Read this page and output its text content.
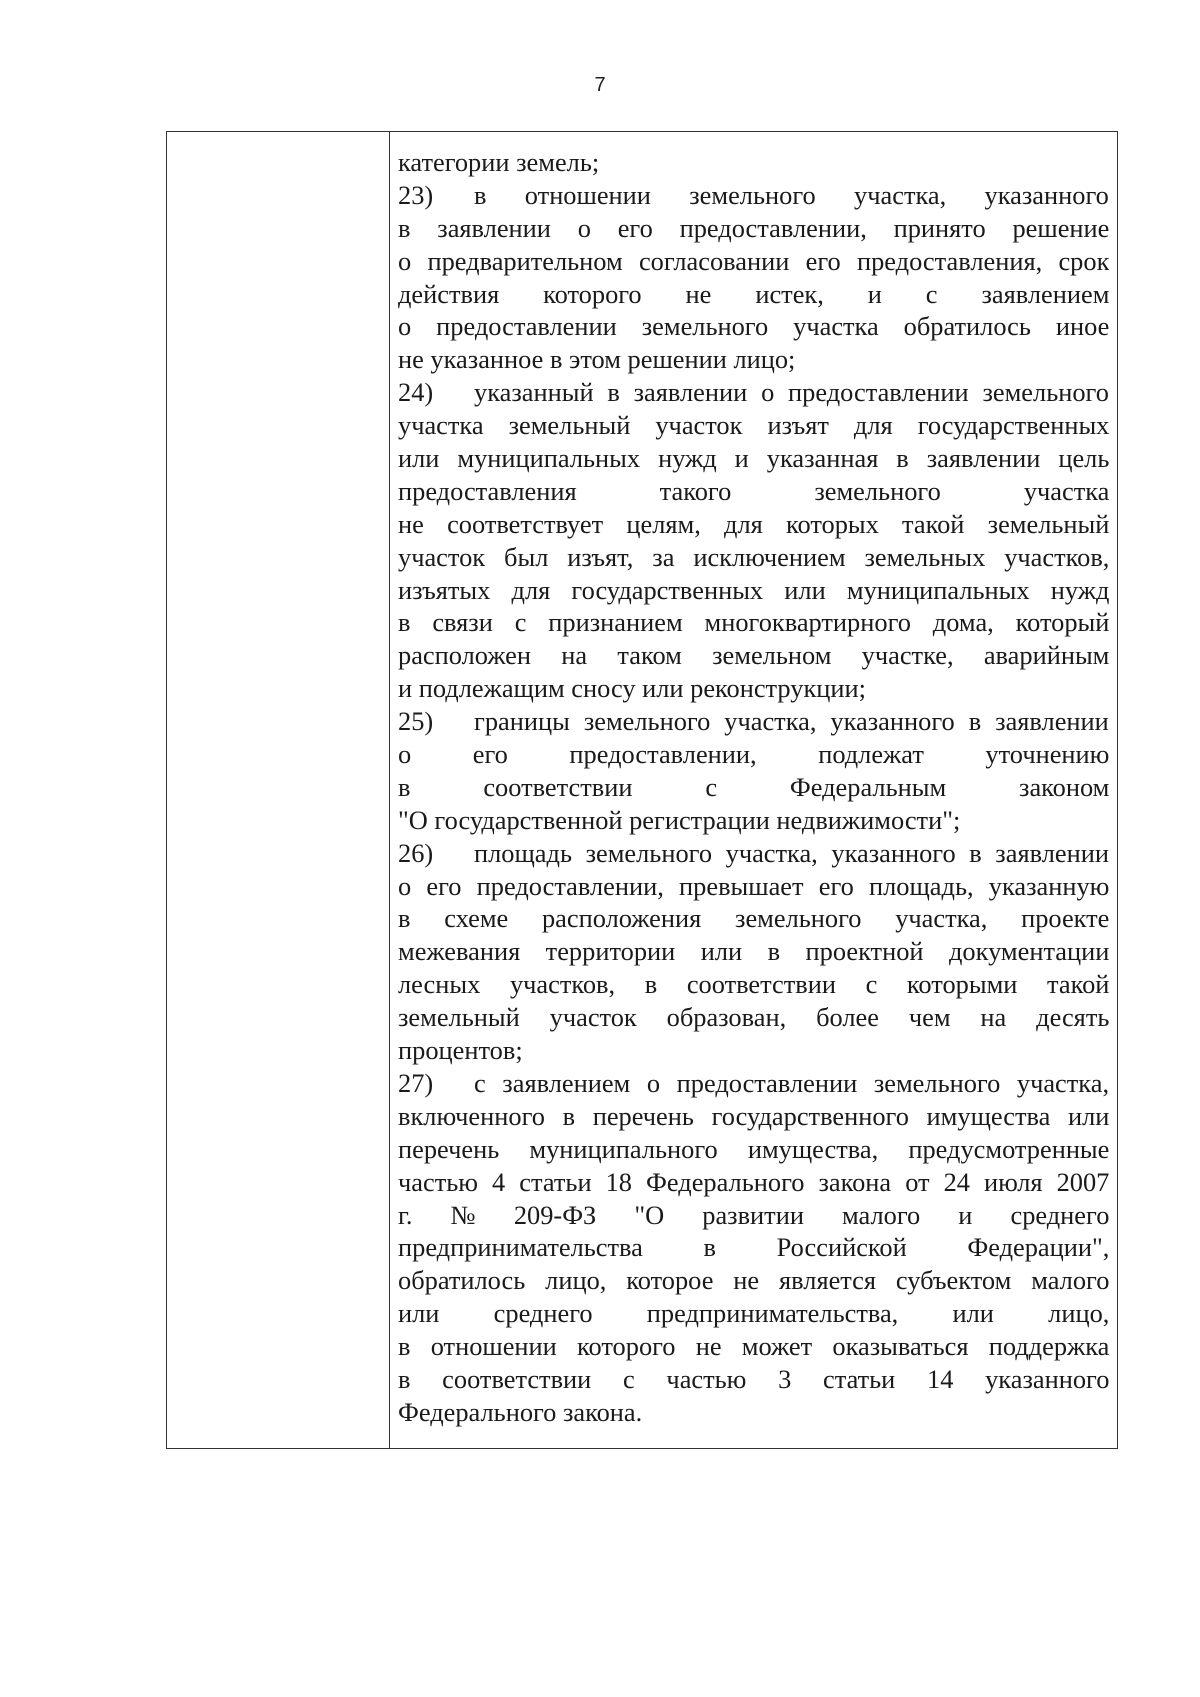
7
категории земель;
23) в отношении земельного участка, указанного
в заявлении о его предоставлении, принято решение
о предварительном согласовании его предоставления, срок
действия которого не истек, и с заявлением
о предоставлении земельного участка обратилось иное
не указанное в этом решении лицо;
24) указанный в заявлении о предоставлении земельного
участка земельный участок изъят для государственных
или муниципальных нужд и указанная в заявлении цель
предоставления такого земельного участка
не соответствует целям, для которых такой земельный
участок был изъят, за исключением земельных участков,
изъятых для государственных или муниципальных нужд
в связи с признанием многоквартирного дома, который
расположен на таком земельном участке, аварийным
и подлежащим сносу или реконструкции;
25) границы земельного участка, указанного в заявлении
о его предоставлении, подлежат уточнению
в соответствии с Федеральным законом
"О государственной регистрации недвижимости";
26) площадь земельного участка, указанного в заявлении
о его предоставлении, превышает его площадь, указанную
в схеме расположения земельного участка, проекте
межевания территории или в проектной документации
лесных участков, в соответствии с которыми такой
земельный участок образован, более чем на десять
процентов;
27) с заявлением о предоставлении земельного участка,
включенного в перечень государственного имущества или
перечень муниципального имущества, предусмотренные
частью 4 статьи 18 Федерального закона от 24 июля 2007
г. № 209-ФЗ "О развитии малого и среднего
предпринимательства в Российской Федерации",
обратилось лицо, которое не является субъектом малого
или среднего предпринимательства, или лицо,
в отношении которого не может оказываться поддержка
в соответствии с частью 3 статьи 14 указанного
Федерального закона.
